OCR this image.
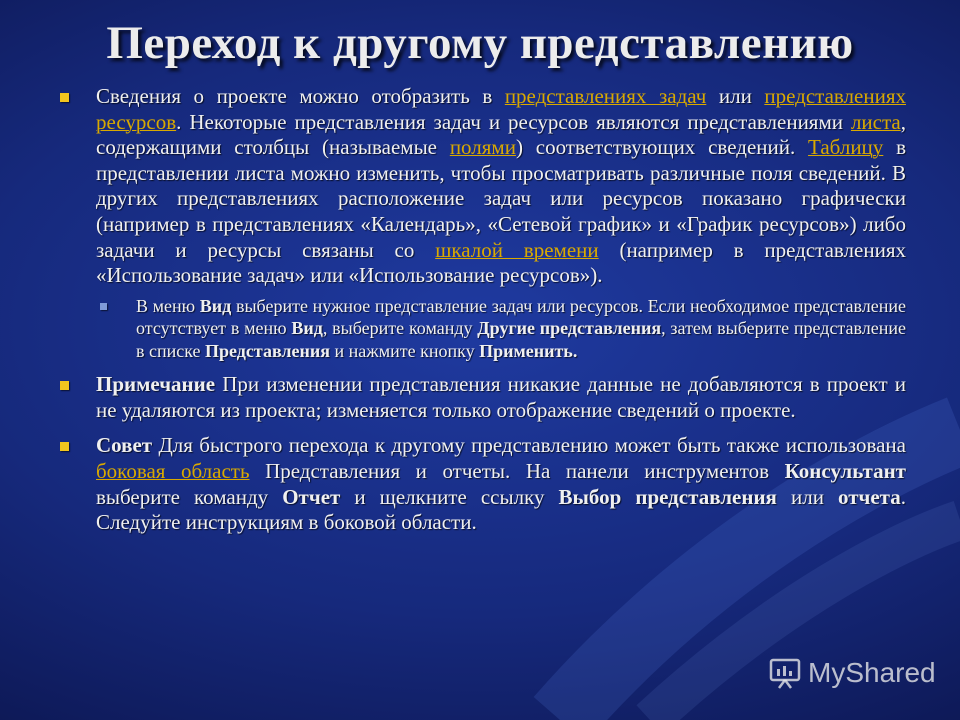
Переход к другому представлению
Сведения о проекте можно отобразить в представлениях задач или представлениях ресурсов. Некоторые представления задач и ресурсов являются представлениями листа, содержащими столбцы (называемые полями) соответствующих сведений. Таблицу в представлении листа можно изменить, чтобы просматривать различные поля сведений. В других представлениях расположение задач или ресурсов показано графически (например в представлениях «Календарь», «Сетевой график» и «График ресурсов») либо задачи и ресурсы связаны со шкалой времени (например в представлениях «Использование задач» или «Использование ресурсов»).
В меню Вид выберите нужное представление задач или ресурсов. Если необходимое представление отсутствует в меню Вид, выберите команду Другие представления, затем выберите представление в списке Представления и нажмите кнопку Применить.
Примечание При изменении представления никакие данные не добавляются в проект и не удаляются из проекта; изменяется только отображение сведений о проекте.
Совет Для быстрого перехода к другому представлению может быть также использована боковая область Представления и отчеты. На панели инструментов Консультант выберите команду Отчет и щелкните ссылку Выбор представления или отчета. Следуйте инструкциям в боковой области.
MyShared
